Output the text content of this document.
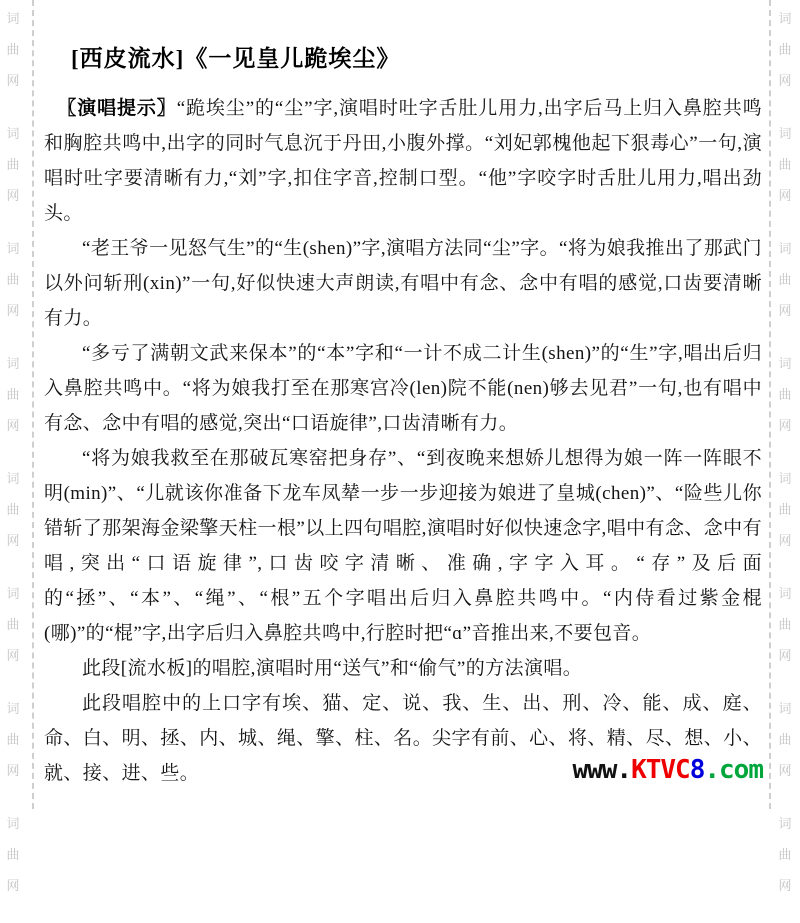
词
曲
网
词
曲
网
词
曲
网
词
曲
网
词
曲
网
词
曲
网
词
曲
网
词
曲
网
词
曲
网
词
曲
网
词
曲
网
词
曲
网
词
曲
网
词
曲
网
词
曲
网
词
曲
网
[西皮流水]《一见皇儿跪埃尘》

〖演唱提示〗“跪埃尘”的“尘”字,演唱时吐字舌肚儿用力,出字后马上归入鼻腔共鸣和胸腔共鸣中,出字的同时气息沉于丹田,小腹外撑。“刘妃郭槐他起下狠毒心”一句,演唱时吐字要清晰有力,“刘”字,扣住字音,控制口型。“他”字咬字时舌肚儿用力,唱出劲头。

“老王爷一见怒气生”的“生(shen)”字,演唱方法同“尘”字。“将为娘我推出了那武门以外问斩刑(xin)”一句,好似快速大声朗读,有唱中有念、念中有唱的感觉,口齿要清晰有力。

“多亏了满朝文武来保本”的“本”字和“一计不成二计生(shen)”的“生”字,唱出后归入鼻腔共鸣中。“将为娘我打至在那寒宫冷(len)院不能(nen)够去见君”一句,也有唱中有念、念中有唱的感觉,突出“口语旋律”,口齿清晰有力。

“将为娘我救至在那破瓦寒窑把身存”、“到夜晚来想娇儿想得为娘一阵一阵眼不明(min)”、“儿就该你准备下龙车凤辇一步一步迎接为娘进了皇城(chen)”、“险些儿你错斩了那架海金梁擎天柱一根”以上四句唱腔,演唱时好似快速念字,唱中有念、念中有唱,突出“口语旋律”,口齿咬字清晰、准确,字字入耳。“存”及后面的“拯”、“本”、“绳”、“根”五个字唱出后归入鼻腔共鸣中。“内侍看过紫金棍(哪)”的“棍”字,出字后归入鼻腔共鸣中,行腔时把“ɑ”音推出来,不要包音。

此段[流水板]的唱腔,演唱时用“送气”和“偷气”的方法演唱。

此段唱腔中的上口字有埃、猫、定、说、我、生、出、刑、冷、能、成、庭、命、白、明、拯、内、城、绳、擎、柱、名。尖字有前、心、将、精、尽、想、小、就、接、进、些。	www.KTVC8.com
